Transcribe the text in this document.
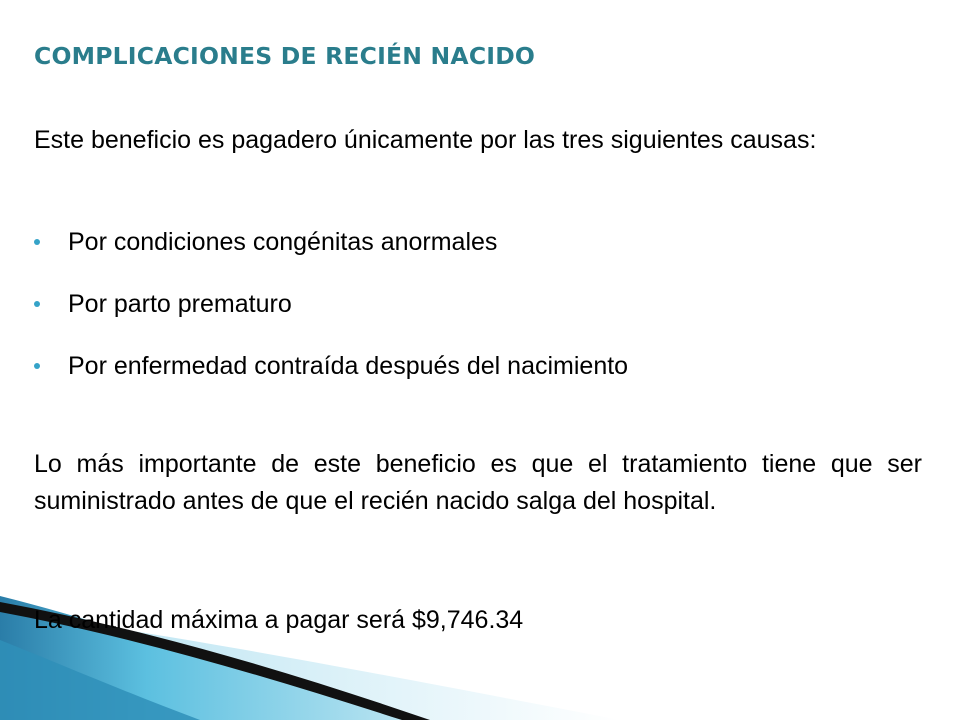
COMPLICACIONES DE RECIÉN NACIDO

Este beneficio es pagadero únicamente por las tres siguientes causas:

Por condiciones congénitas anormales
Por parto prematuro
Por enfermedad contraída después del nacimiento

Lo más importante de este beneficio es que el tratamiento tiene que ser suministrado antes de que el recién nacido salga del hospital.

La cantidad máxima a pagar será $9,746.34
